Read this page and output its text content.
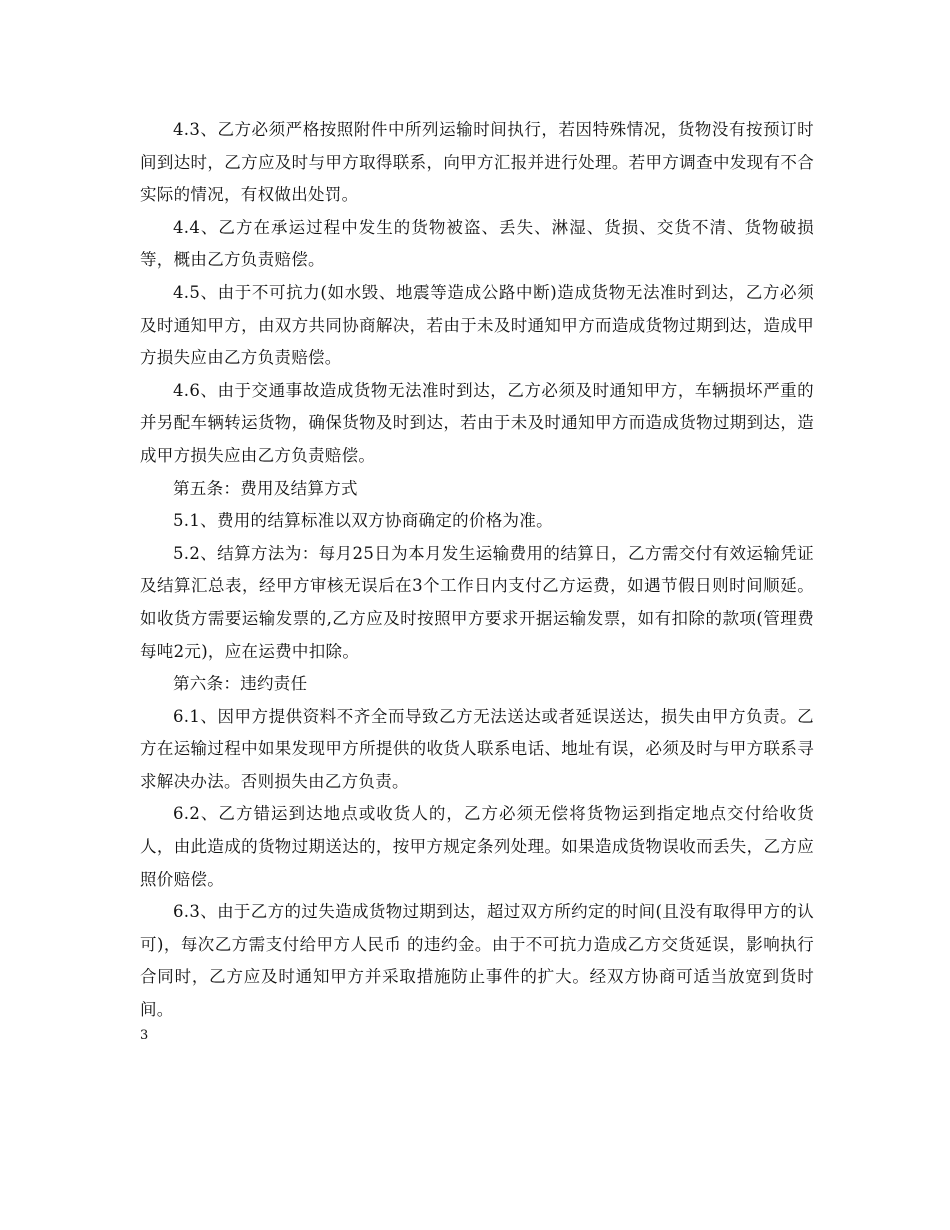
4.3、乙方必须严格按照附件中所列运输时间执行，若因特殊情况，货物没有按预订时间到达时，乙方应及时与甲方取得联系，向甲方汇报并进行处理。若甲方调查中发现有不合实际的情况，有权做出处罚。

4.4、乙方在承运过程中发生的货物被盗、丢失、淋湿、货损、交货不清、货物破损等，概由乙方负责赔偿。

4.5、由于不可抗力(如水毁、地震等造成公路中断)造成货物无法准时到达，乙方必须及时通知甲方，由双方共同协商解决，若由于未及时通知甲方而造成货物过期到达，造成甲方损失应由乙方负责赔偿。

4.6、由于交通事故造成货物无法准时到达，乙方必须及时通知甲方，车辆损坏严重的并另配车辆转运货物，确保货物及时到达，若由于未及时通知甲方而造成货物过期到达，造成甲方损失应由乙方负责赔偿。

第五条：费用及结算方式

5.1、费用的结算标准以双方协商确定的价格为准。

5.2、结算方法为：每月25日为本月发生运输费用的结算日，乙方需交付有效运输凭证及结算汇总表，经甲方审核无误后在3个工作日内支付乙方运费，如遇节假日则时间顺延。如收货方需要运输发票的,乙方应及时按照甲方要求开据运输发票，如有扣除的款项(管理费每吨2元)，应在运费中扣除。

第六条：违约责任

6.1、因甲方提供资料不齐全而导致乙方无法送达或者延误送达，损失由甲方负责。乙方在运输过程中如果发现甲方所提供的收货人联系电话、地址有误，必须及时与甲方联系寻求解决办法。否则损失由乙方负责。

6.2、乙方错运到达地点或收货人的，乙方必须无偿将货物运到指定地点交付给收货人，由此造成的货物过期送达的，按甲方规定条列处理。如果造成货物误收而丢失，乙方应照价赔偿。

6.3、由于乙方的过失造成货物过期到达，超过双方所约定的时间(且没有取得甲方的认可)，每次乙方需支付给甲方人民币 的违约金。由于不可抗力造成乙方交货延误，影响执行合同时，乙方应及时通知甲方并采取措施防止事件的扩大。经双方协商可适当放宽到货时间。

3
